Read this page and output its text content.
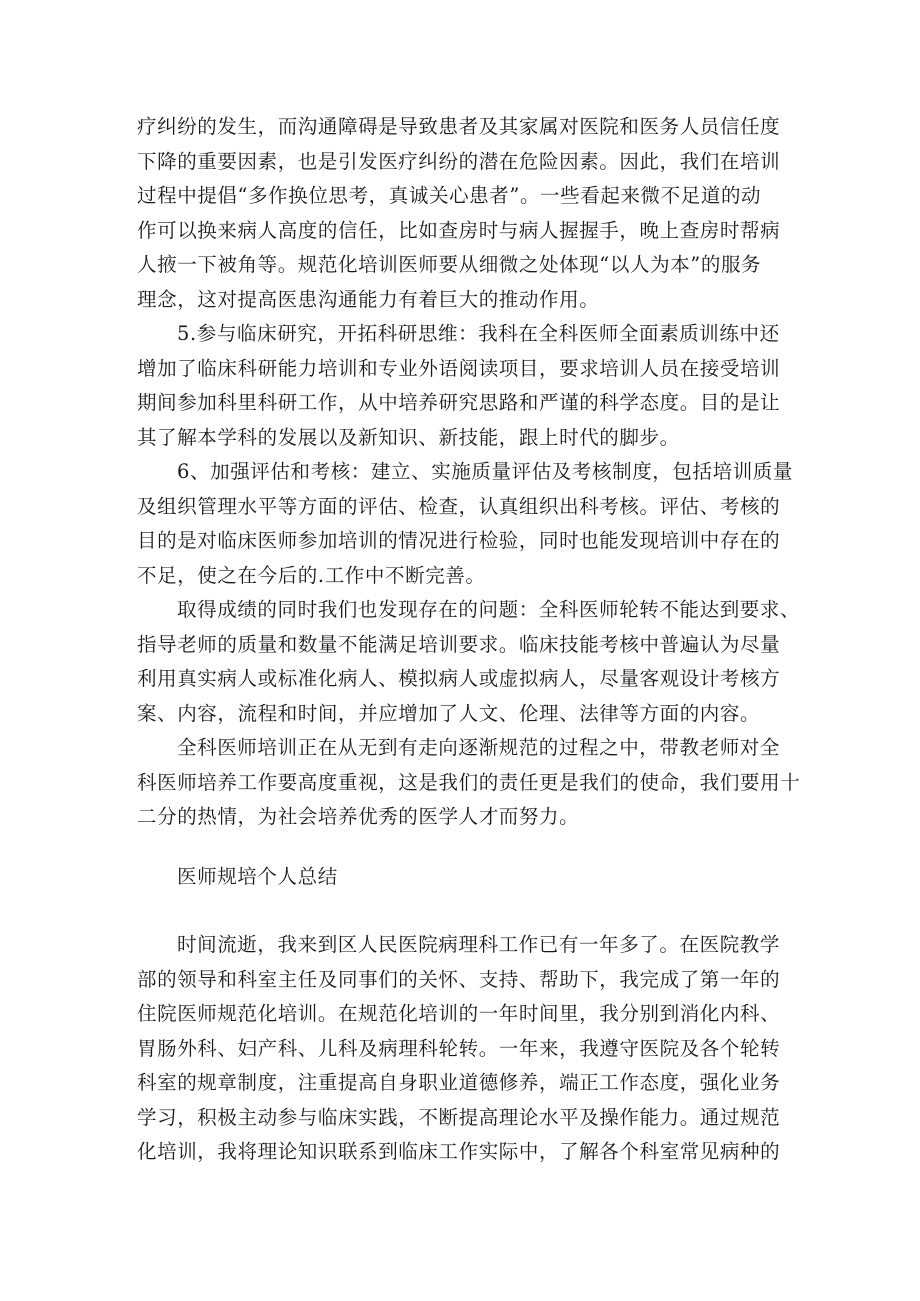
疗纠纷的发生，而沟通障碍是导致患者及其家属对医院和医务人员信任度
下降的重要因素，也是引发医疗纠纷的潜在危险因素。因此，我们在培训
过程中提倡“多作换位思考，真诚关心患者”。一些看起来微不足道的动
作可以换来病人高度的信任，比如查房时与病人握握手，晚上查房时帮病
人掖一下被角等。规范化培训医师要从细微之处体现“以人为本”的服务
理念，这对提高医患沟通能力有着巨大的推动作用。
5.参与临床研究，开拓科研思维：我科在全科医师全面素质训练中还
增加了临床科研能力培训和专业外语阅读项目，要求培训人员在接受培训
期间参加科里科研工作，从中培养研究思路和严谨的科学态度。目的是让
其了解本学科的发展以及新知识、新技能，跟上时代的脚步。
6、加强评估和考核：建立、实施质量评估及考核制度，包括培训质量
及组织管理水平等方面的评估、检查，认真组织出科考核。评估、考核的
目的是对临床医师参加培训的情况进行检验，同时也能发现培训中存在的
不足，使之在今后的.工作中不断完善。
取得成绩的同时我们也发现存在的问题：全科医师轮转不能达到要求、
指导老师的质量和数量不能满足培训要求。临床技能考核中普遍认为尽量
利用真实病人或标准化病人、模拟病人或虚拟病人，尽量客观设计考核方
案、内容，流程和时间，并应增加了人文、伦理、法律等方面的内容。
全科医师培训正在从无到有走向逐渐规范的过程之中，带教老师对全
科医师培养工作要高度重视，这是我们的责任更是我们的使命，我们要用十
二分的热情，为社会培养优秀的医学人才而努力。
医师规培个人总结
时间流逝，我来到区人民医院病理科工作已有一年多了。在医院教学
部的领导和科室主任及同事们的关怀、支持、帮助下，我完成了第一年的
住院医师规范化培训。在规范化培训的一年时间里，我分别到消化内科、
胃肠外科、妇产科、儿科及病理科轮转。一年来，我遵守医院及各个轮转
科室的规章制度，注重提高自身职业道德修养，端正工作态度，强化业务
学习，积极主动参与临床实践，不断提高理论水平及操作能力。通过规范
化培训，我将理论知识联系到临床工作实际中，了解各个科室常见病种的
